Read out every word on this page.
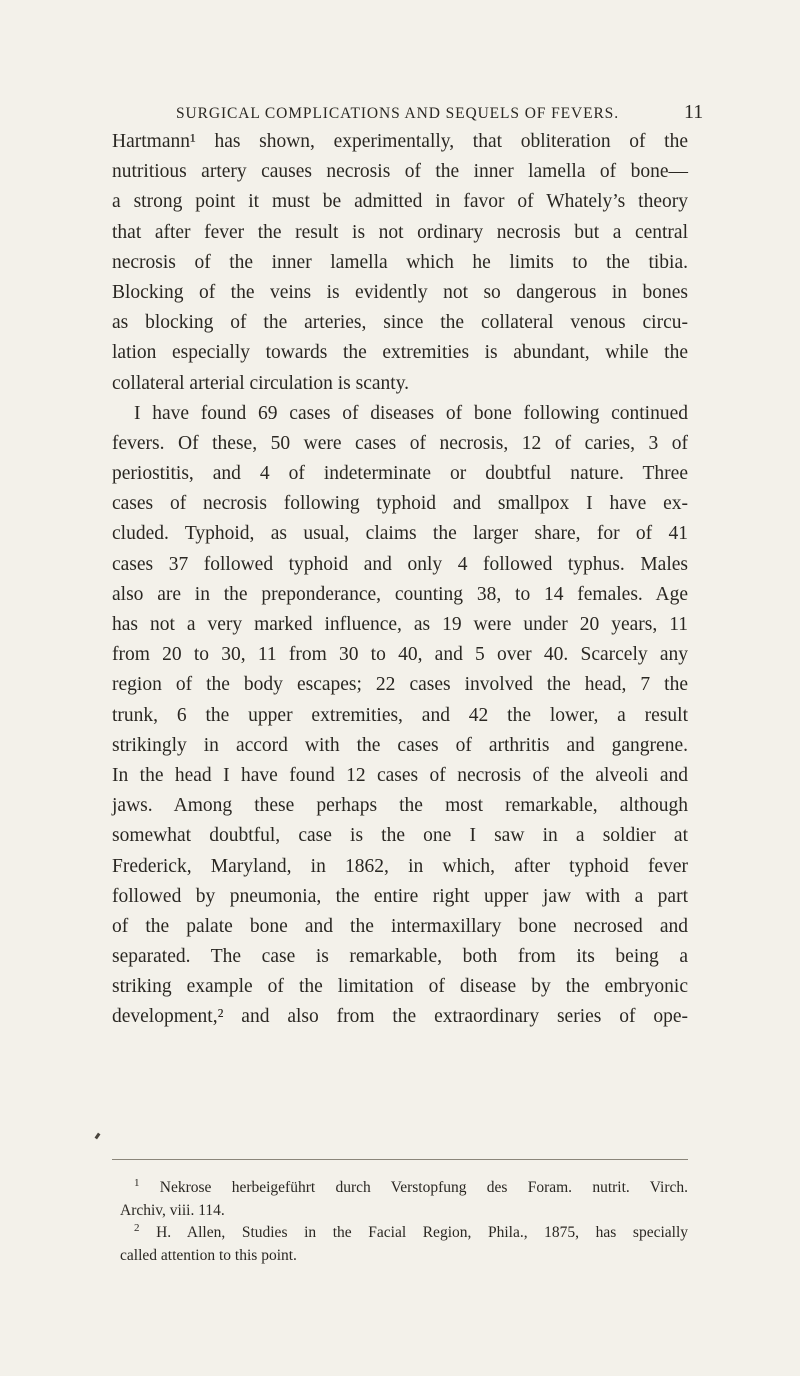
SURGICAL COMPLICATIONS AND SEQUELS OF FEVERS.	11
Hartmann¹ has shown, experimentally, that obliteration of the
nutritious artery causes necrosis of the inner lamella of bone—
a strong point it must be admitted in favor of Whately’s theory
that after fever the result is not ordinary necrosis but a central
necrosis of the inner lamella which he limits to the tibia.
Blocking of the veins is evidently not so dangerous in bones
as blocking of the arteries, since the collateral venous circu-
lation especially towards the extremities is abundant, while the
collateral arterial circulation is scanty.
I have found 69 cases of diseases of bone following continued
fevers. Of these, 50 were cases of necrosis, 12 of caries, 3 of
periostitis, and 4 of indeterminate or doubtful nature. Three
cases of necrosis following typhoid and smallpox I have ex-
cluded. Typhoid, as usual, claims the larger share, for of 41
cases 37 followed typhoid and only 4 followed typhus. Males
also are in the preponderance, counting 38, to 14 females. Age
has not a very marked influence, as 19 were under 20 years, 11
from 20 to 30, 11 from 30 to 40, and 5 over 40. Scarcely any
region of the body escapes; 22 cases involved the head, 7 the
trunk, 6 the upper extremities, and 42 the lower, a result
strikingly in accord with the cases of arthritis and gangrene.
In the head I have found 12 cases of necrosis of the alveoli and
jaws. Among these perhaps the most remarkable, although
somewhat doubtful, case is the one I saw in a soldier at
Frederick, Maryland, in 1862, in which, after typhoid fever
followed by pneumonia, the entire right upper jaw with a part
of the palate bone and the intermaxillary bone necrosed and
separated. The case is remarkable, both from its being a
striking example of the limitation of disease by the embryonic
development,² and also from the extraordinary series of ope-
$^1$ Nekrose herbeigeführt durch Verstopfung des Foram. nutrit. Virch.
Archiv, viii. 114.
$^2$ H. Allen, Studies in the Facial Region, Phila., 1875, has specially
called attention to this point.
